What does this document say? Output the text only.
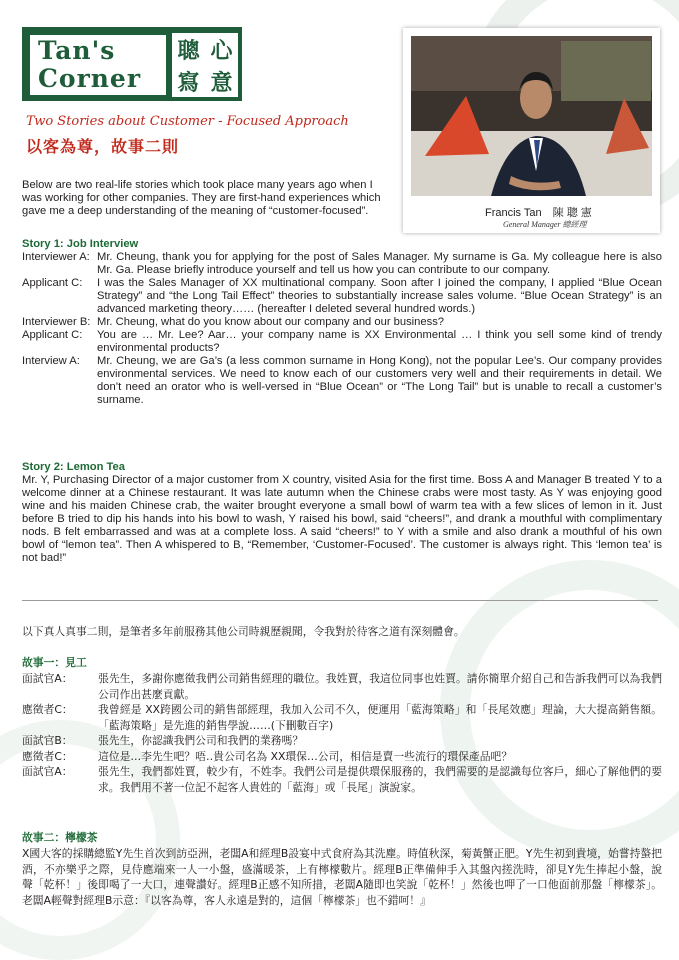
Tan's
Corner
聰 心
寫 意
Francis Tan　陳 聰 憲
General Manager 總經理
Two Stories about Customer - Focused Approach
以客為尊，故事二則

Below are two real-life stories which took place many years ago when I was working for other companies. They are first-hand experiences which gave me a deep understanding of the meaning of “customer-focused”.

Story 1: Job Interview
Interviewer A: Mr. Cheung, thank you for applying for the post of Sales Manager. My surname is Ga. My colleague here is also Mr. Ga. Please briefly introduce yourself and tell us how you can contribute to our company.
Applicant C:	I was the Sales Manager of XX multinational company. Soon after I joined the company, I applied “Blue Ocean Strategy” and “the Long Tail Effect” theories to substantially increase sales volume. “Blue Ocean Strategy” is an advanced marketing theory…… (hereafter I deleted several hundred words.)
Interviewer B: Mr. Cheung, what do you know about our company and our business?
Applicant C:	You are … Mr. Lee? Aar… your company name is XX Environmental … I think you sell some kind of trendy environmental products?
Interview A:	Mr. Cheung, we are Ga’s (a less common surname in Hong Kong), not the popular Lee’s. Our company provides environmental services. We need to know each of our customers very well and their requirements in detail. We don’t need an orator who is well-versed in “Blue Ocean” or “The Long Tail” but is unable to recall a customer’s surname.
Story 2: Lemon Tea

Mr. Y, Purchasing Director of a major customer from X country, visited Asia for the first time. Boss A and Manager B treated Y to a welcome dinner at a Chinese restaurant. It was late autumn when the Chinese crabs were most tasty. As Y was enjoying good wine and his maiden Chinese crab, the waiter brought everyone a small bowl of warm tea with a few slices of lemon in it. Just before B tried to dip his hands into his bowl to wash, Y raised his bowl, said “cheers!”, and drank a mouthful with complimentary nods. B felt embarrassed and was at a complete loss. A said “cheers!” to Y with a smile and also drank a mouthful of his own bowl of “lemon tea”. Then A whispered to B, “Remember, ‘Customer-Focused’. The customer is always right. This ‘lemon tea’ is not bad!”

以下真人真事二則，是筆者多年前服務其他公司時親歷親聞，令我對於待客之道有深刻體會。
故事一：見工
面試官A：	張先生，多謝你應徵我們公司銷售經理的職位。我姓賈，我這位同事也姓賈。請你簡單介紹自己和告訴我們可以為我們公司作出甚麼貢獻。
應徵者C：	我曾經是 XX跨國公司的銷售部經理，我加入公司不久，便運用「藍海策略」和「長尾效應」理論，大大提高銷售額。「藍海策略」是先進的銷售學說……(下刪數百字)
面試官B：	張先生，你認識我們公司和我們的業務嗎？
應徵者C：	這位是…李先生吧？唔‥貴公司名為 XX環保…公司，相信是賣一些流行的環保產品吧？
面試官A：	張先生，我們都姓賈，較少有，不姓李。我們公司是提供環保服務的，我們需要的是認識每位客戶，細心了解他們的要求。我們用不著一位記不起客人貴姓的「藍海」或「長尾」演說家。
故事二：檸檬茶

X國大客的採購總監Y先生首次到訪亞洲，老闆A和經理B設宴中式食府為其洗塵。時值秋深，菊黃蟹正肥。Y先生初到貴境，始嘗持螯把酒，不亦樂乎之際，見侍應端來一人一小盤，盛滿暖茶，上有檸檬數片。經理B正準備伸手入其盤內搓洗時，卻見Y先生捧起小盤，說聲「乾杯！」後即喝了一大口，連聲讚好。經理B正感不知所措，老闆A隨即也笑說「乾杯！」然後也呷了一口他面前那盤「檸檬茶」。老闆A輕聲對經理B示意：『以客為尊，客人永遠是對的，這個「檸檬茶」也不錯呵！』
